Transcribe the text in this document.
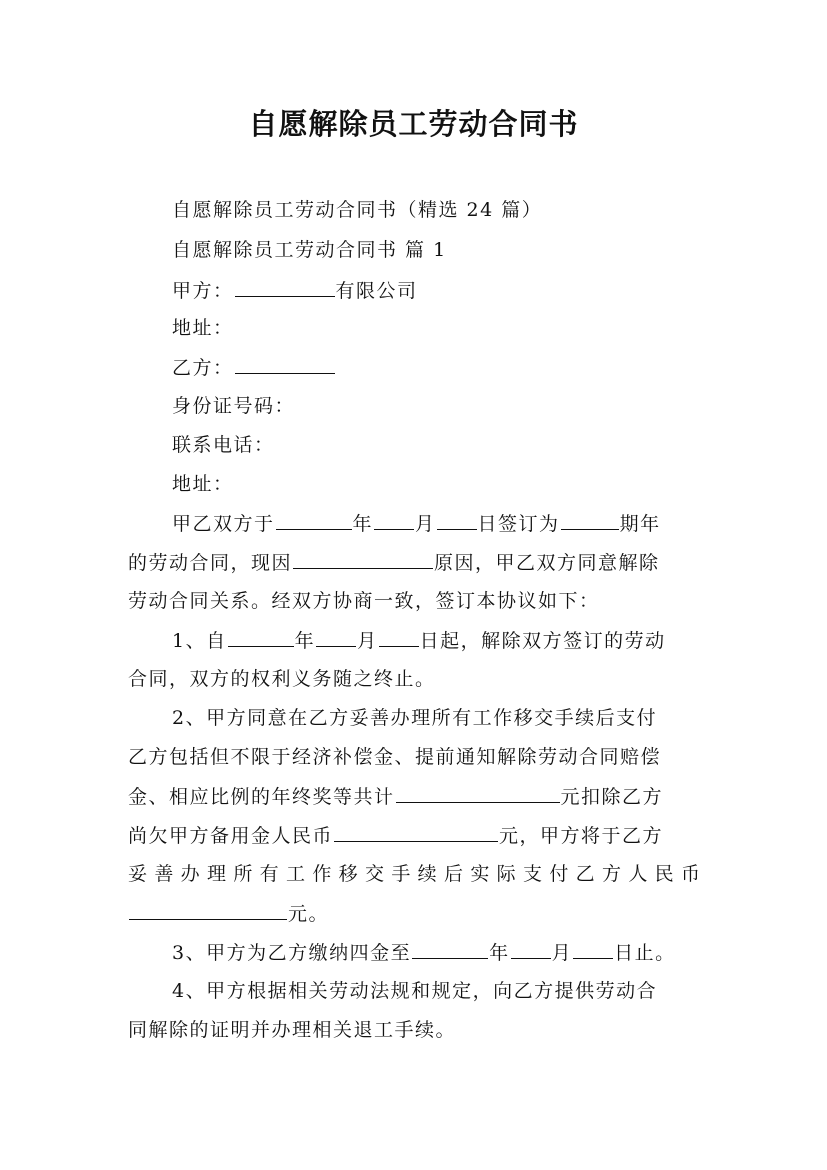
自愿解除员工劳动合同书
自愿解除员工劳动合同书（精选 24 篇）
自愿解除员工劳动合同书 篇 1
甲方：	有限公司
地址：
乙方：
身份证号码：
联系电话：
地址：
甲乙双方于	年 月 日签订为	期年
的劳动合同，现因	原因，甲乙双方同意解除
劳动合同关系。经双方协商一致，签订本协议如下：
1、自	年 月 日起，解除双方签订的劳动
合同，双方的权利义务随之终止。
2、甲方同意在乙方妥善办理所有工作移交手续后支付
乙方包括但不限于经济补偿金、提前通知解除劳动合同赔偿
金、相应比例的年终奖等共计	元扣除乙方
尚欠甲方备用金人民币	元，甲方将于乙方
妥善办理所有工作移交手续后实际支付乙方人民币
元。
3、甲方为乙方缴纳四金至	年 月 日止。
4、甲方根据相关劳动法规和规定，向乙方提供劳动合
同解除的证明并办理相关退工手续。
